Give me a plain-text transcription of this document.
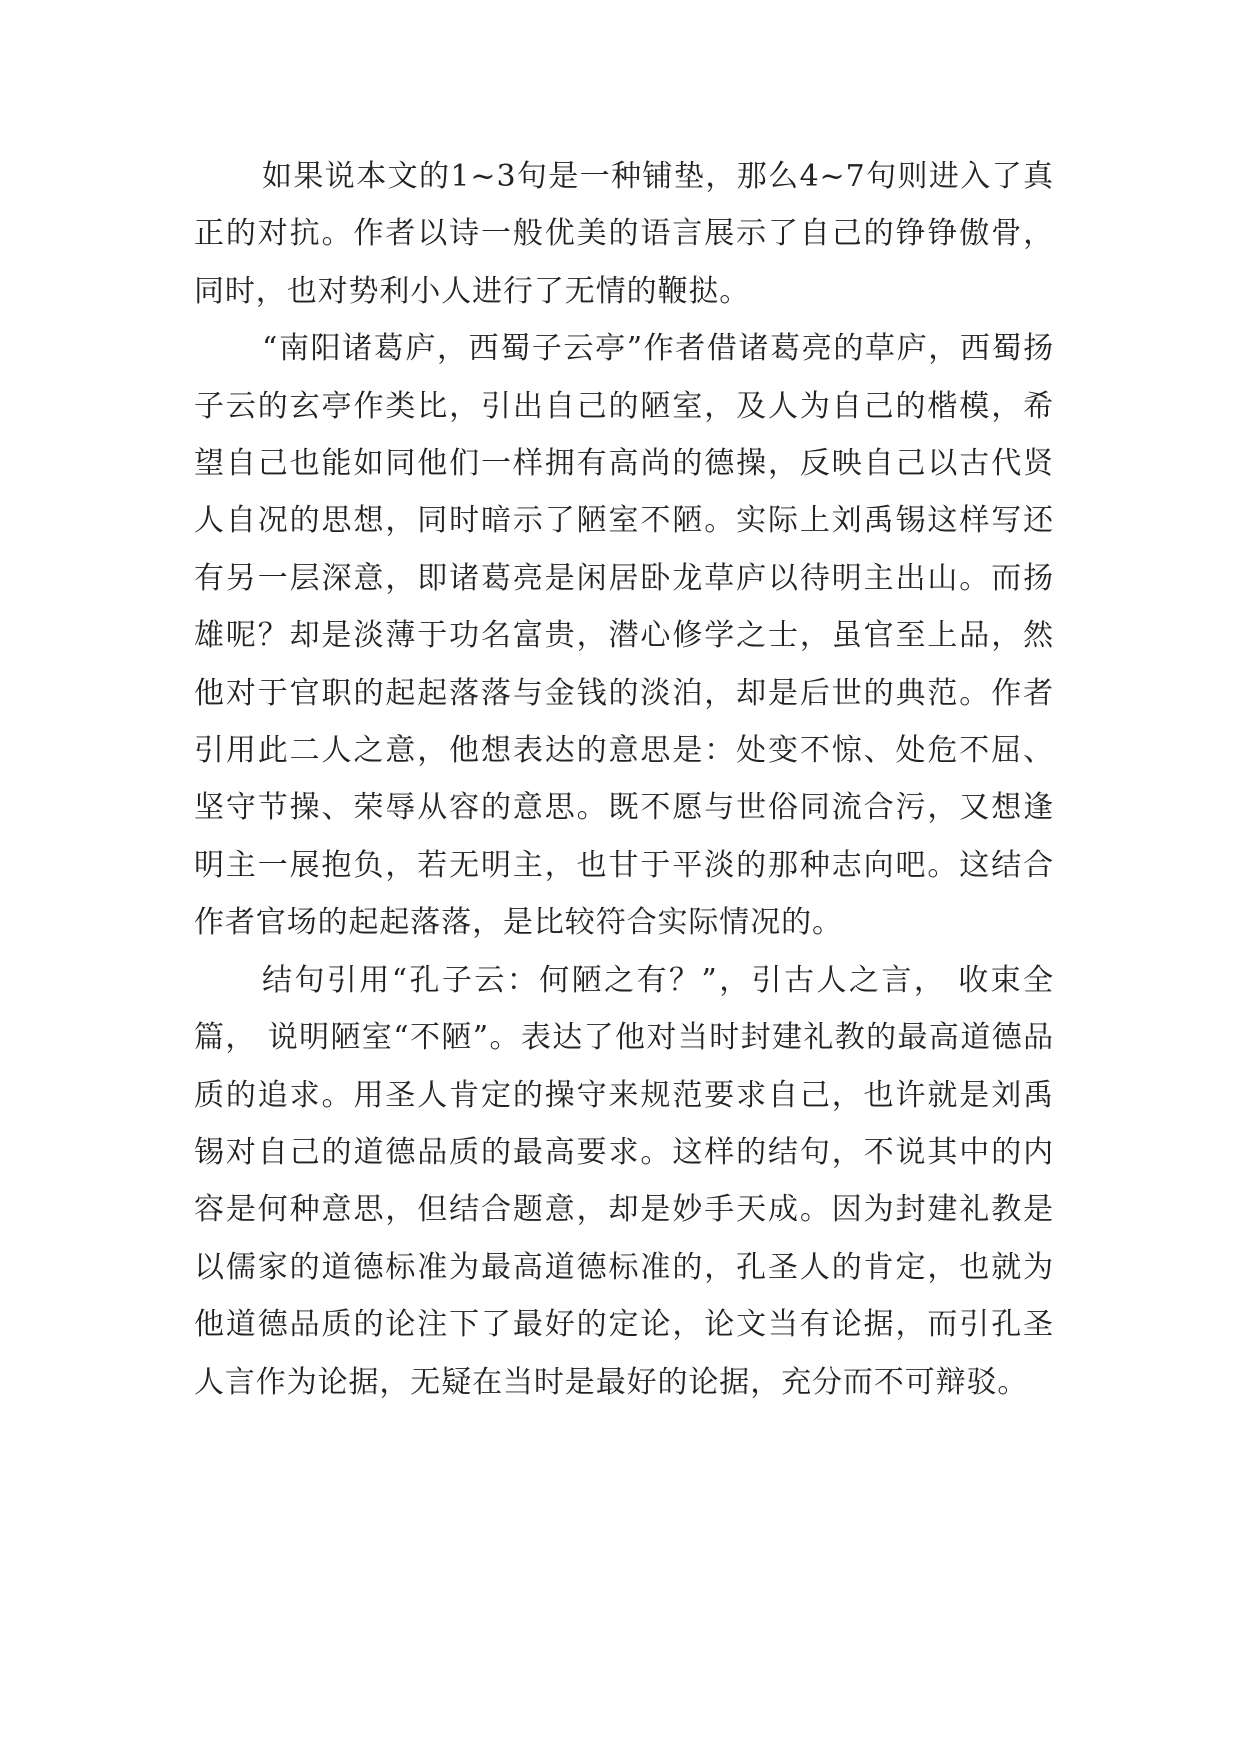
如果说本文的1~3句是一种铺垫，那么4~7句则进入了真正的对抗。作者以诗一般优美的语言展示了自己的铮铮傲骨，同时，也对势利小人进行了无情的鞭挞。

“南阳诸葛庐，西蜀子云亭”作者借诸葛亮的草庐，西蜀扬子云的玄亭作类比，引出自己的陋室，及人为自己的楷模，希望自己也能如同他们一样拥有高尚的德操，反映自己以古代贤人自况的思想，同时暗示了陋室不陋。实际上刘禹锡这样写还有另一层深意，即诸葛亮是闲居卧龙草庐以待明主出山。而扬雄呢？却是淡薄于功名富贵，潜心修学之士，虽官至上品，然他对于官职的起起落落与金钱的淡泊，却是后世的典范。作者引用此二人之意，他想表达的意思是：处变不惊、处危不屈、坚守节操、荣辱从容的意思。既不愿与世俗同流合污，又想逢明主一展抱负，若无明主，也甘于平淡的那种志向吧。这结合作者官场的起起落落，是比较符合实际情况的。

结句引用“孔子云：何陋之有？”，引古人之言， 收束全篇， 说明陋室“不陋”。表达了他对当时封建礼教的最高道德品质的追求。用圣人肯定的操守来规范要求自己，也许就是刘禹锡对自己的道德品质的最高要求。这样的结句，不说其中的内容是何种意思，但结合题意，却是妙手天成。因为封建礼教是以儒家的道德标准为最高道德标准的，孔圣人的肯定，也就为他道德品质的论注下了最好的定论，论文当有论据，而引孔圣人言作为论据，无疑在当时是最好的论据，充分而不可辩驳。
